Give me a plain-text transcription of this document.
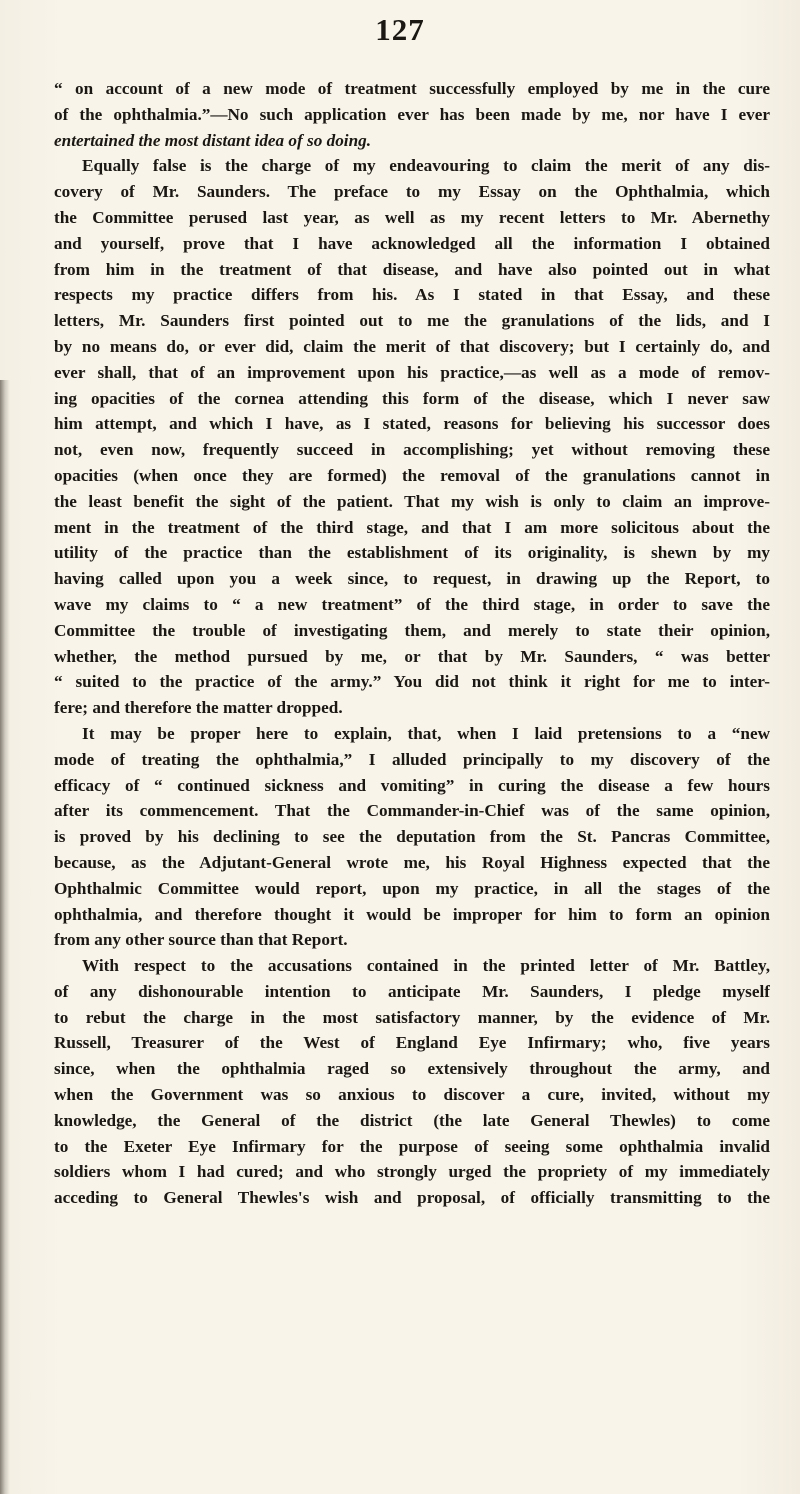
127
“ on account of a new mode of treatment successfully employed by me in the cure
of the ophthalmia.”—No such application ever has been made by me, nor have I ever
entertained the most distant idea of so doing.
Equally false is the charge of my endeavouring to claim the merit of any dis-
covery of Mr. Saunders. The preface to my Essay on the Ophthalmia, which
the Committee perused last year, as well as my recent letters to Mr. Abernethy
and yourself, prove that I have acknowledged all the information I obtained
from him in the treatment of that disease, and have also pointed out in what
respects my practice differs from his. As I stated in that Essay, and these
letters, Mr. Saunders first pointed out to me the granulations of the lids, and I
by no means do, or ever did, claim the merit of that discovery; but I certainly do, and
ever shall, that of an improvement upon his practice,—as well as a mode of remov-
ing opacities of the cornea attending this form of the disease, which I never saw
him attempt, and which I have, as I stated, reasons for believing his successor does
not, even now, frequently succeed in accomplishing; yet without removing these
opacities (when once they are formed) the removal of the granulations cannot in
the least benefit the sight of the patient. That my wish is only to claim an improve-
ment in the treatment of the third stage, and that I am more solicitous about the
utility of the practice than the establishment of its originality, is shewn by my
having called upon you a week since, to request, in drawing up the Report, to
wave my claims to “ a new treatment” of the third stage, in order to save the
Committee the trouble of investigating them, and merely to state their opinion,
whether, the method pursued by me, or that by Mr. Saunders, “ was better
“ suited to the practice of the army.” You did not think it right for me to inter-
fere; and therefore the matter dropped.
It may be proper here to explain, that, when I laid pretensions to a “new
mode of treating the ophthalmia,” I alluded principally to my discovery of the
efficacy of “ continued sickness and vomiting” in curing the disease a few hours
after its commencement. That the Commander-in-Chief was of the same opinion,
is proved by his declining to see the deputation from the St. Pancras Committee,
because, as the Adjutant-General wrote me, his Royal Highness expected that the
Ophthalmic Committee would report, upon my practice, in all the stages of the
ophthalmia, and therefore thought it would be improper for him to form an opinion
from any other source than that Report.
With respect to the accusations contained in the printed letter of Mr. Battley,
of any dishonourable intention to anticipate Mr. Saunders, I pledge myself
to rebut the charge in the most satisfactory manner, by the evidence of Mr.
Russell, Treasurer of the West of England Eye Infirmary; who, five years
since, when the ophthalmia raged so extensively throughout the army, and
when the Government was so anxious to discover a cure, invited, without my
knowledge, the General of the district (the late General Thewles) to come
to the Exeter Eye Infirmary for the purpose of seeing some ophthalmia invalid
soldiers whom I had cured; and who strongly urged the propriety of my immediately
acceding to General Thewles's wish and proposal, of officially transmitting to the
